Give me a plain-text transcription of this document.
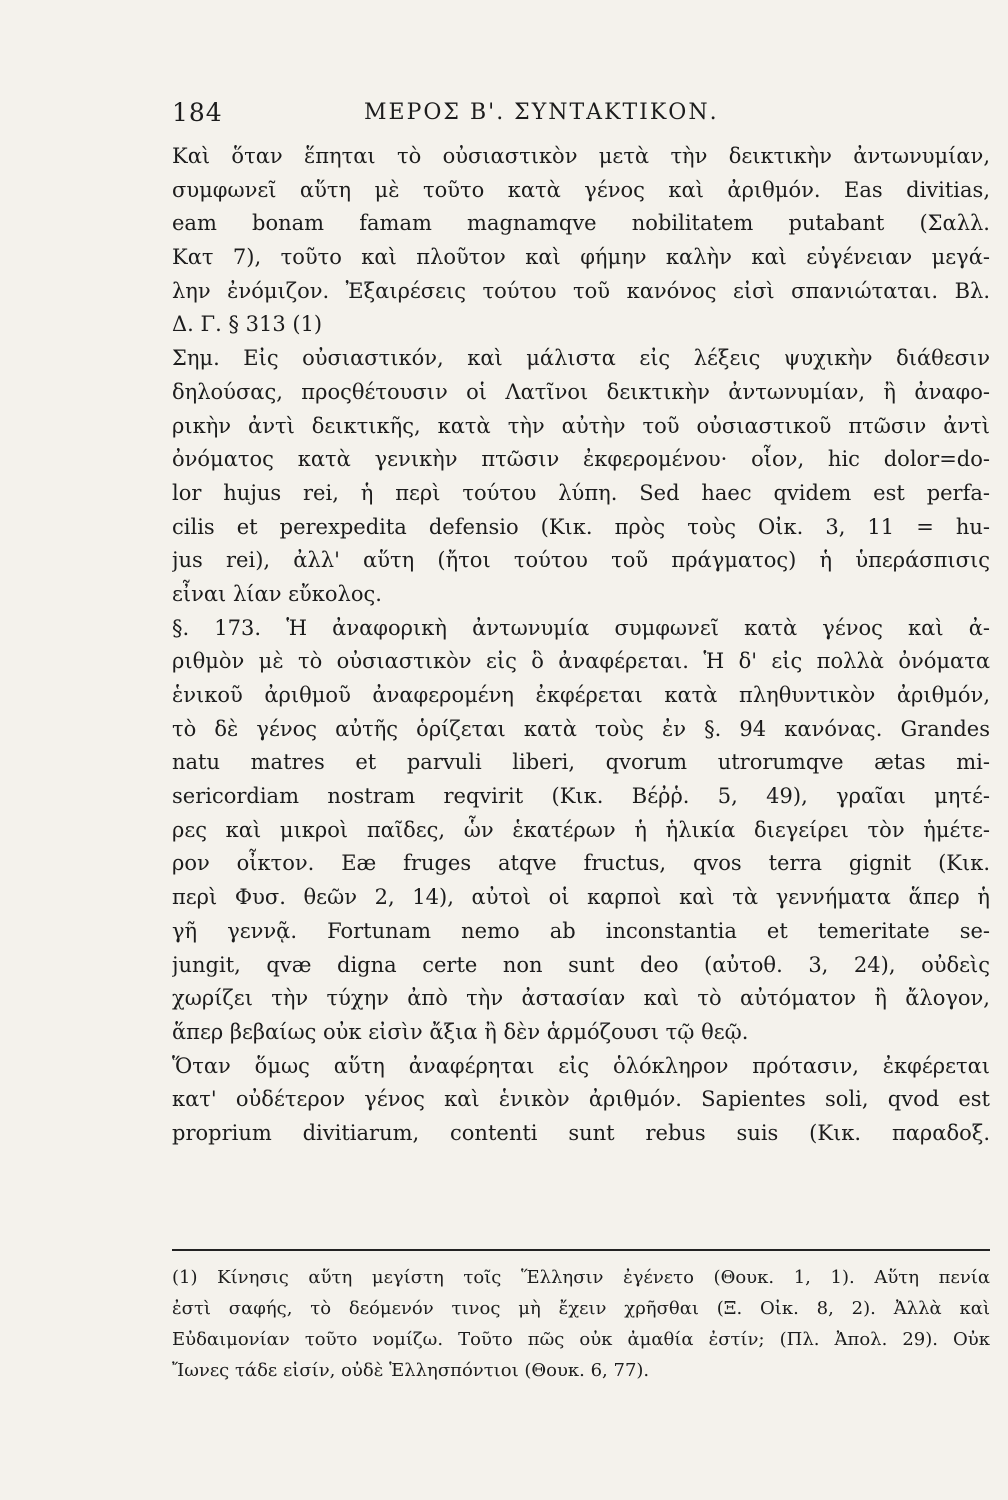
184	ΜΕΡΟΣ Β'. ΣΥΝΤΑΚΤΙΚΟΝ.
Καὶ ὅταν ἕπηται τὸ οὐσιαστικὸν μετὰ τὴν δεικτικὴν ἀντωνυμίαν,
συμφωνεῖ αὕτη μὲ τοῦτο κατὰ γένος καὶ ἀριθμόν. Eas divitias,
eam bonam famam magnamqve nobilitatem putabant (Σαλλ.
Κατ 7), τοῦτο καὶ πλοῦτον καὶ φήμην καλὴν καὶ εὐγένειαν μεγά-
λην ἐνόμιζον. Ἐξαιρέσεις τούτου τοῦ κανόνος εἰσὶ σπανιώταται. Βλ.
Δ. Γ. § 313 (1)
Σημ. Εἰς οὐσιαστικόν, καὶ μάλιστα εἰς λέξεις ψυχικὴν διάθεσιν
δηλούσας, προςθέτουσιν οἱ Λατῖνοι δεικτικὴν ἀντωνυμίαν, ἢ ἀναφο-
ρικὴν ἀντὶ δεικτικῆς, κατὰ τὴν αὐτὴν τοῦ οὐσιαστικοῦ πτῶσιν ἀντὶ
ὀνόματος κατὰ γενικὴν πτῶσιν ἐκφερομένου· οἷον, hic dolor=do-
lor hujus rei, ἡ περὶ τούτου λύπη. Sed haec qvidem est perfa-
cilis et perexpedita defensio (Κικ. πρὸς τοὺς Οἰκ. 3, 11 = hu-
jus rei), ἀλλ' αὕτη (ἤτοι τούτου τοῦ πράγματος) ἡ ὑπεράσπισις
εἶναι λίαν εὔκολος.
§. 173. Ἡ ἀναφορικὴ ἀντωνυμία συμφωνεῖ κατὰ γένος καὶ ἀ-
ριθμὸν μὲ τὸ οὐσιαστικὸν εἰς ὃ ἀναφέρεται. Ἡ δ' εἰς πολλὰ ὀνόματα
ἑνικοῦ ἀριθμοῦ ἀναφερομένη ἐκφέρεται κατὰ πληθυντικὸν ἀριθμόν,
τὸ δὲ γένος αὐτῆς ὁρίζεται κατὰ τοὺς ἐν §. 94 κανόνας. Grandes
natu matres et parvuli liberi, qvorum utrorumqve ætas mi-
sericordiam nostram reqvirit (Κικ. Βέῤῥ. 5, 49), γραῖαι μητέ-
ρες καὶ μικροὶ παῖδες, ὧν ἑκατέρων ἡ ἡλικία διεγείρει τὸν ἡμέτε-
ρον οἶκτον. Eæ fruges atqve fructus, qvos terra gignit (Κικ.
περὶ Φυσ. θεῶν 2, 14), αὐτοὶ οἱ καρποὶ καὶ τὰ γεννήματα ἅπερ ἡ
γῆ γεννᾷ. Fortunam nemo ab inconstantia et temeritate se-
jungit, qvæ digna certe non sunt deo (αὐτοθ. 3, 24), οὐδεὶς
χωρίζει τὴν τύχην ἀπὸ τὴν ἀστασίαν καὶ τὸ αὐτόματον ἢ ἄλογον,
ἅπερ βεβαίως οὐκ εἰσὶν ἄξια ἢ δὲν ἁρμόζουσι τῷ θεῷ.
Ὅταν ὅμως αὕτη ἀναφέρηται εἰς ὁλόκληρον πρότασιν, ἐκφέρεται
κατ' οὐδέτερον γένος καὶ ἑνικὸν ἀριθμόν. Sapientes soli, qvod est
proprium divitiarum, contenti sunt rebus suis (Κικ. παραδοξ.
(1) Κίνησις αὕτη μεγίστη τοῖς Ἕλλησιν ἐγένετο (Θουκ. 1, 1). Αὕτη πενία
ἐστὶ σαφής, τὸ δεόμενόν τινος μὴ ἔχειν χρῆσθαι (Ξ. Οἰκ. 8, 2). Ἀλλὰ καὶ
Εὐδαιμονίαν τοῦτο νομίζω. Τοῦτο πῶς οὐκ ἀμαθία ἐστίν; (Πλ. Ἀπολ. 29). Οὐκ
Ἴωνες τάδε εἰσίν, οὐδὲ Ἑλλησπόντιοι (Θουκ. 6, 77).
